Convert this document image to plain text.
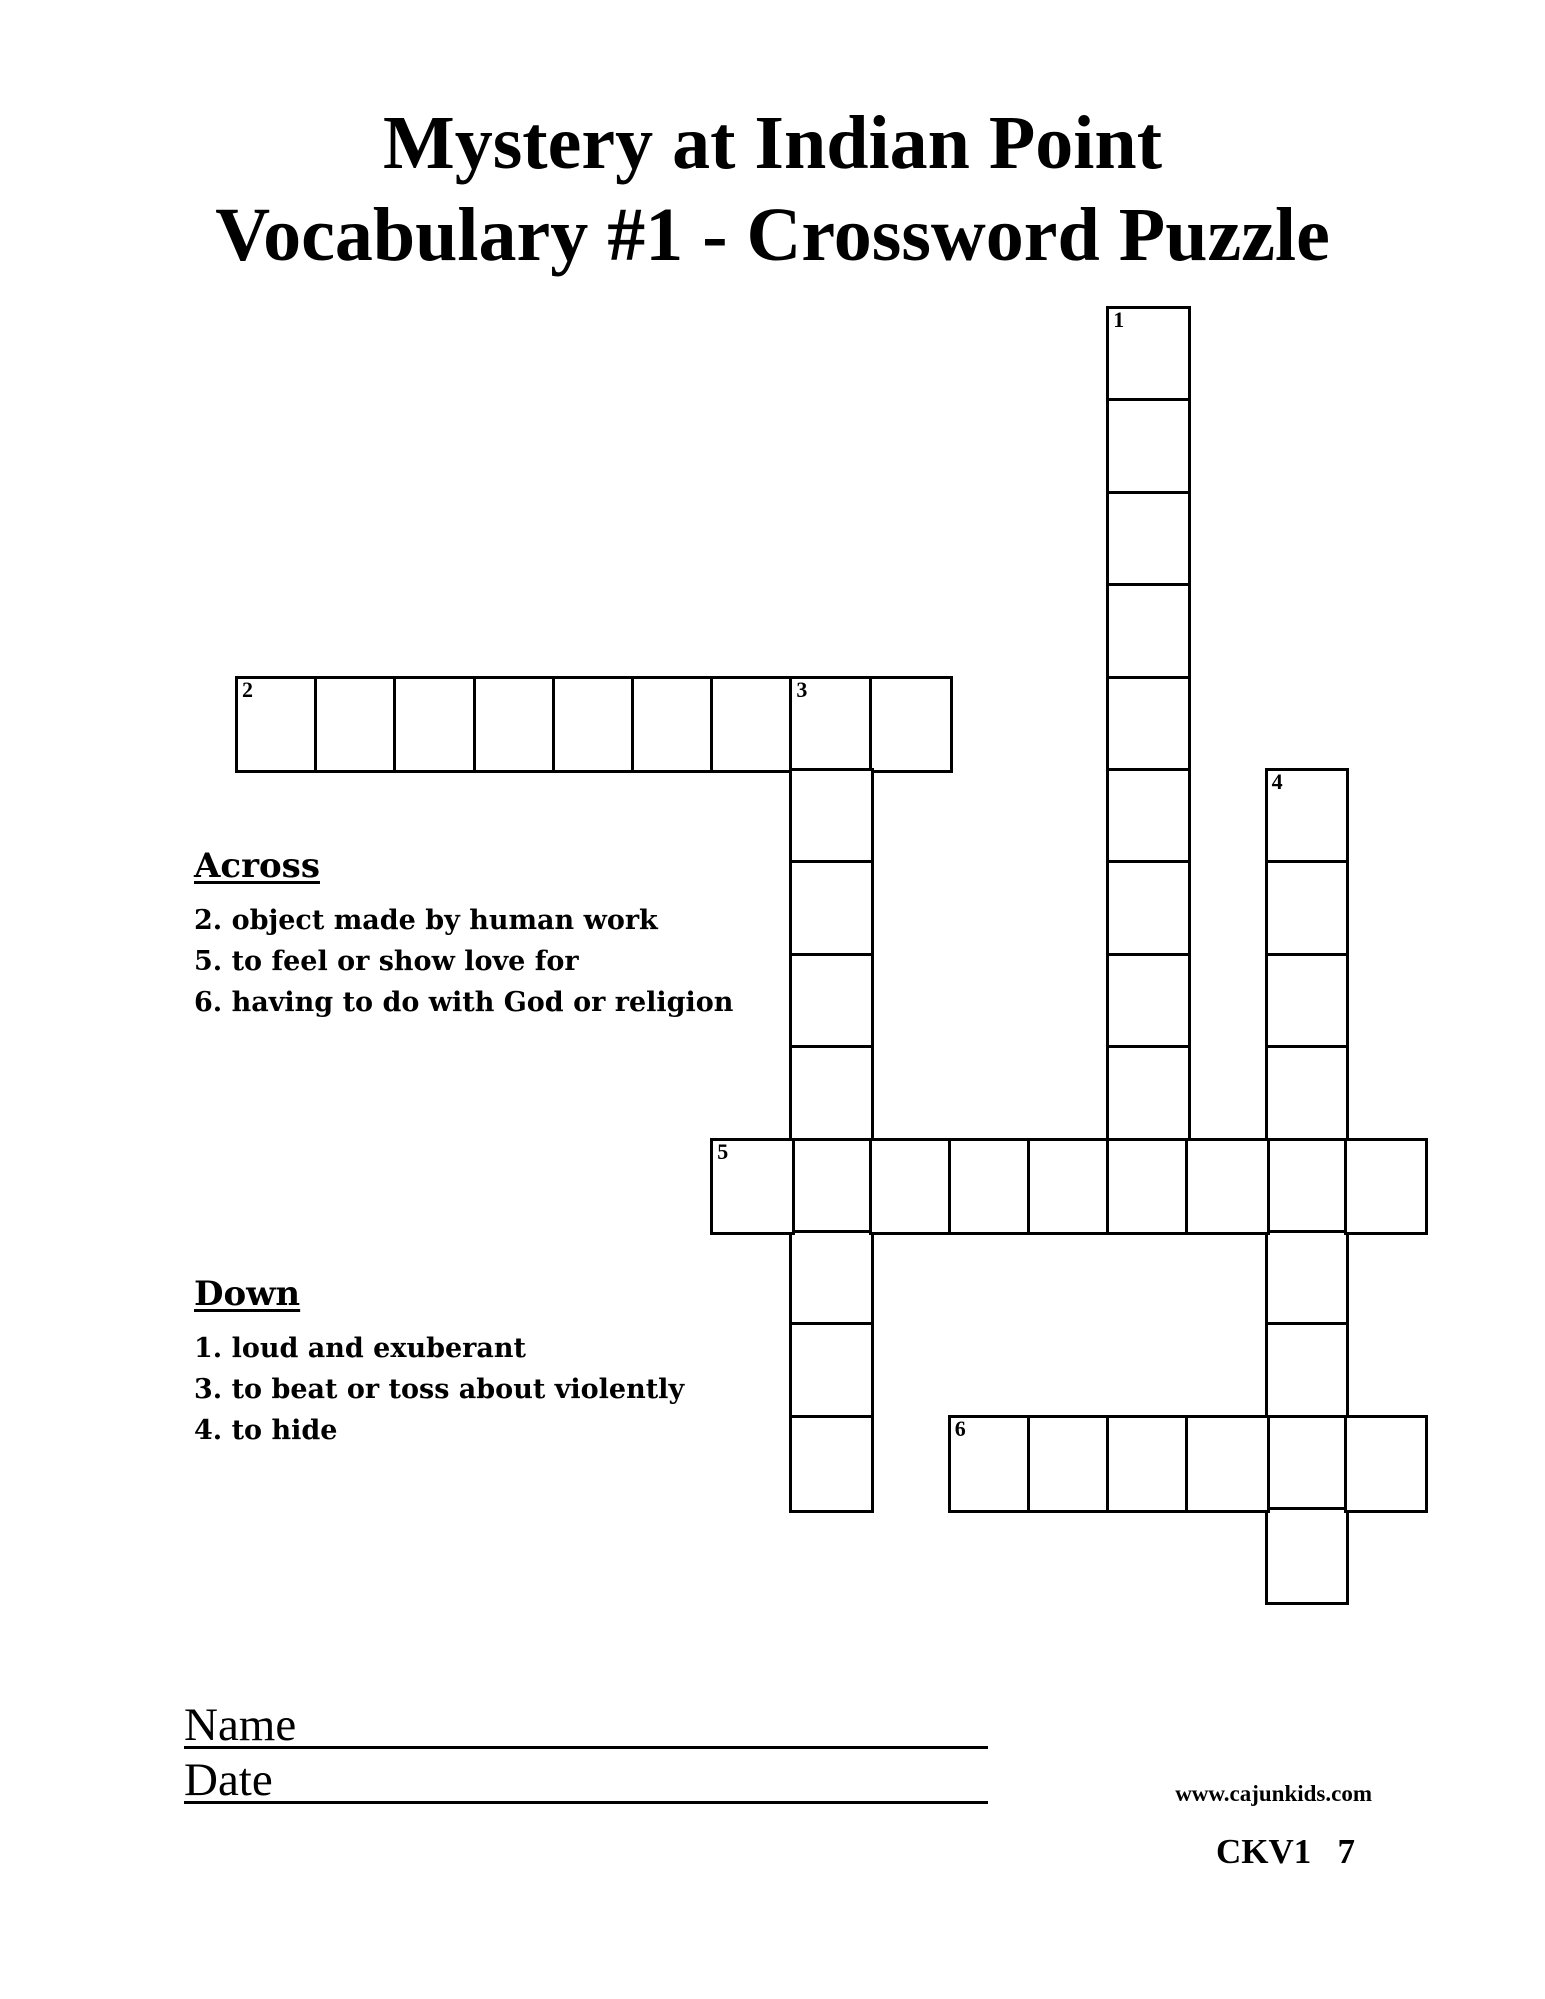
Mystery at Indian Point
Vocabulary #1 - Crossword Puzzle
1
2	3
4
5
6
Across
2. object made by human work
5. to feel or show love for
6. having to do with God or religion
Down
1. loud and exuberant
3. to beat or toss about violently
4. to hide
Name
Date	www.cajunkids.com
CKV1   7
